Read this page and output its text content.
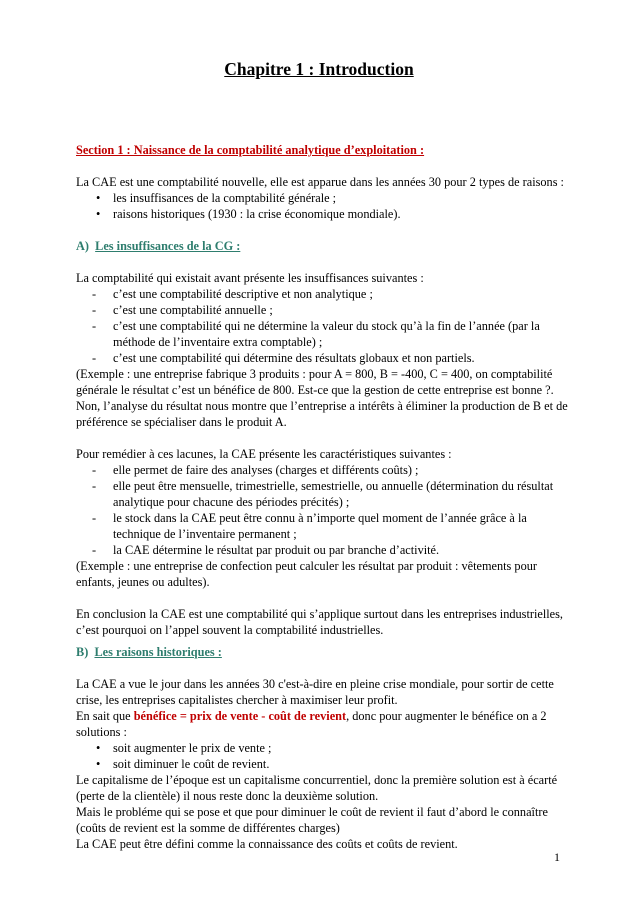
Chapitre 1 : Introduction

Section 1 : Naissance de la comptabilité analytique d’exploitation :

La CAE est une comptabilité nouvelle, elle est apparue dans les années 30 pour 2 types de raisons :

• les insuffisances de la comptabilité générale ;
• raisons historiques (1930 : la crise économique mondiale).

A) Les insuffisances de la CG :

La comptabilité qui existait avant présente les insuffisances suivantes :

- c’est une comptabilité descriptive et non analytique ;
- c’est une comptabilité annuelle ;
- c’est une comptabilité qui ne détermine la valeur du stock qu’à la fin de l’année (par la méthode de l’inventaire extra comptable) ;
- c’est une comptabilité qui détermine des résultats globaux et non partiels.

(Exemple : une entreprise fabrique 3 produits : pour A = 800, B = -400, C = 400, on comptabilité générale le résultat c’est un bénéfice de 800. Est-ce que la gestion de cette entreprise est bonne ?. Non, l’analyse du résultat nous montre que l’entreprise a intérêts à éliminer la production de B et de préférence se spécialiser dans le produit A.

Pour remédier à ces lacunes, la CAE présente les caractéristiques suivantes :

- elle permet de faire des analyses (charges et différents coûts) ;
- elle peut être mensuelle, trimestrielle, semestrielle, ou annuelle (détermination du résultat analytique pour chacune des périodes précités) ;
- le stock dans la CAE peut être connu à n’importe quel moment de l’année grâce à la technique de l’inventaire permanent ;
- la CAE détermine le résultat par produit ou par branche d’activité.

(Exemple : une entreprise de confection peut calculer les résultat par produit : vêtements pour enfants, jeunes ou adultes).

En conclusion la CAE est une comptabilité qui s’applique surtout dans les entreprises industrielles, c’est pourquoi on l’appel souvent la comptabilité industrielles.

B) Les raisons historiques :

La CAE a vue le jour dans les années 30 c'est-à-dire en pleine crise mondiale, pour sortir de cette crise, les entreprises capitalistes chercher à maximiser leur profit.

En sait que bénéfice = prix de vente - coût de revient, donc pour augmenter le bénéfice on a 2 solutions :

• soit augmenter le prix de vente ;
• soit diminuer le coût de revient.

Le capitalisme de l’époque est un capitalisme concurrentiel, donc la première solution est à écarté (perte de la clientèle) il nous reste donc la deuxième solution.

Mais le probléme qui se pose et que pour diminuer le coût de revient il faut d’abord le connaître (coûts de revient est la somme de différentes charges)

La CAE peut être défini comme la connaissance des coûts et coûts de revient.

1
